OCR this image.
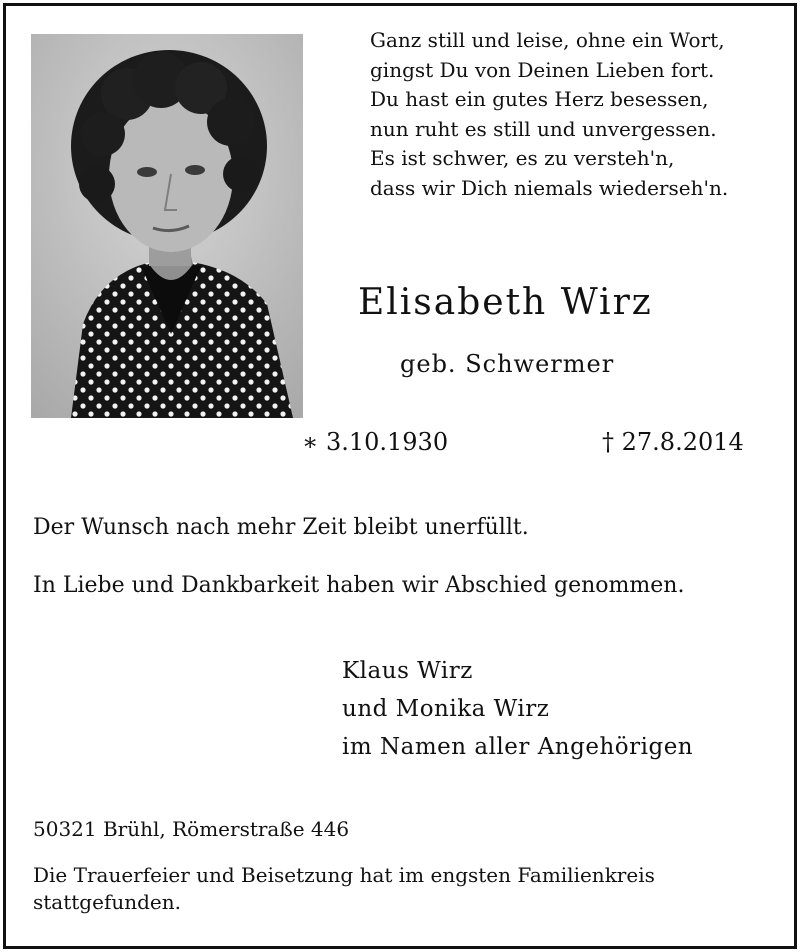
Ganz still und leise, ohne ein Wort,
gingst Du von Deinen Lieben fort.
Du hast ein gutes Herz besessen,
nun ruht es still und unvergessen.
Es ist schwer, es zu versteh'n,
dass wir Dich niemals wiederseh'n.
Elisabeth Wirz
geb. Schwermer
∗ 3.10.1930	† 27.8.2014
Der Wunsch nach mehr Zeit bleibt unerfüllt.
In Liebe und Dankbarkeit haben wir Abschied genommen.
Klaus Wirz
und Monika Wirz
im Namen aller Angehörigen
50321 Brühl, Römerstraße 446
Die Trauerfeier und Beisetzung hat im engsten Familienkreis stattgefunden.
